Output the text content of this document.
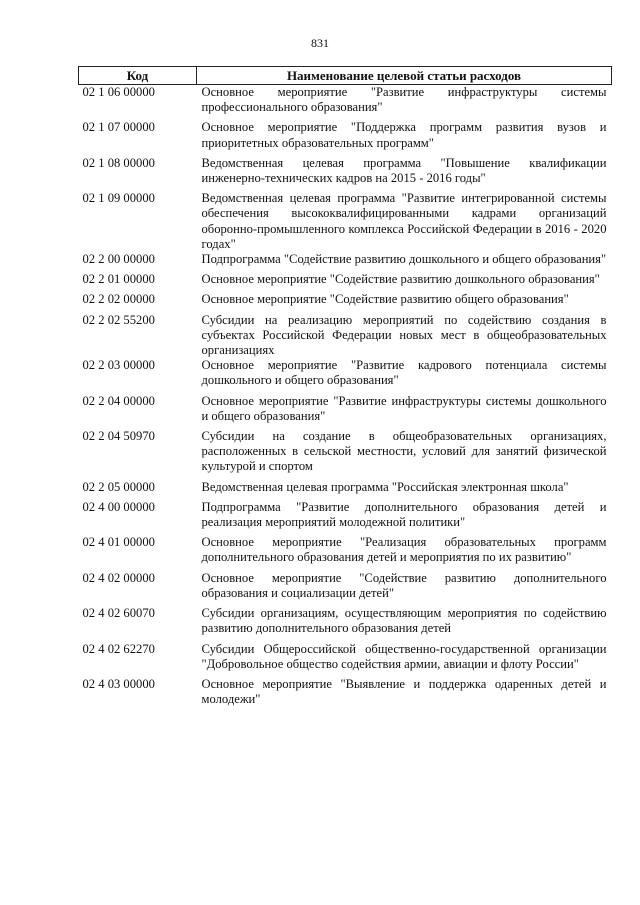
831
Код	Наименование целевой статьи расходов
02 1 06 00000	Основное мероприятие "Развитие инфраструктуры системы профессионального образования"
02 1 07 00000	Основное мероприятие "Поддержка программ развития вузов и приоритетных образовательных программ"
02 1 08 00000	Ведомственная целевая программа "Повышение квалификации инженерно-технических кадров на 2015 - 2016 годы"
02 1 09 00000	Ведомственная целевая программа "Развитие интегрированной системы обеспечения высококвалифицированными кадрами организаций оборонно-промышленного комплекса Российской Федерации в 2016 - 2020 годах"
02 2 00 00000	Подпрограмма "Содействие развитию дошкольного и общего образования"
02 2 01 00000	Основное мероприятие "Содействие развитию дошкольного образования"
02 2 02 00000	Основное мероприятие "Содействие развитию общего образования"
02 2 02 55200	Субсидии на реализацию мероприятий по содействию создания в субъектах Российской Федерации новых мест в общеобразовательных организациях
02 2 03 00000	Основное мероприятие "Развитие кадрового потенциала системы дошкольного и общего образования"
02 2 04 00000	Основное мероприятие "Развитие инфраструктуры системы дошкольного и общего образования"
02 2 04 50970	Субсидии на создание в общеобразовательных организациях, расположенных в сельской местности, условий для занятий физической культурой и спортом
02 2 05 00000	Ведомственная целевая программа "Российская электронная школа"
02 4 00 00000	Подпрограмма "Развитие дополнительного образования детей и реализация мероприятий молодежной политики"
02 4 01 00000	Основное мероприятие "Реализация образовательных программ дополнительного образования детей и мероприятия по их развитию"
02 4 02 00000	Основное мероприятие "Содействие развитию дополнительного образования и социализации детей"
02 4 02 60070	Субсидии организациям, осуществляющим мероприятия по содействию развитию дополнительного образования детей
02 4 02 62270	Субсидии Общероссийской общественно-государственной организации "Добровольное общество содействия армии, авиации и флоту России"
02 4 03 00000	Основное мероприятие "Выявление и поддержка одаренных детей и молодежи"
